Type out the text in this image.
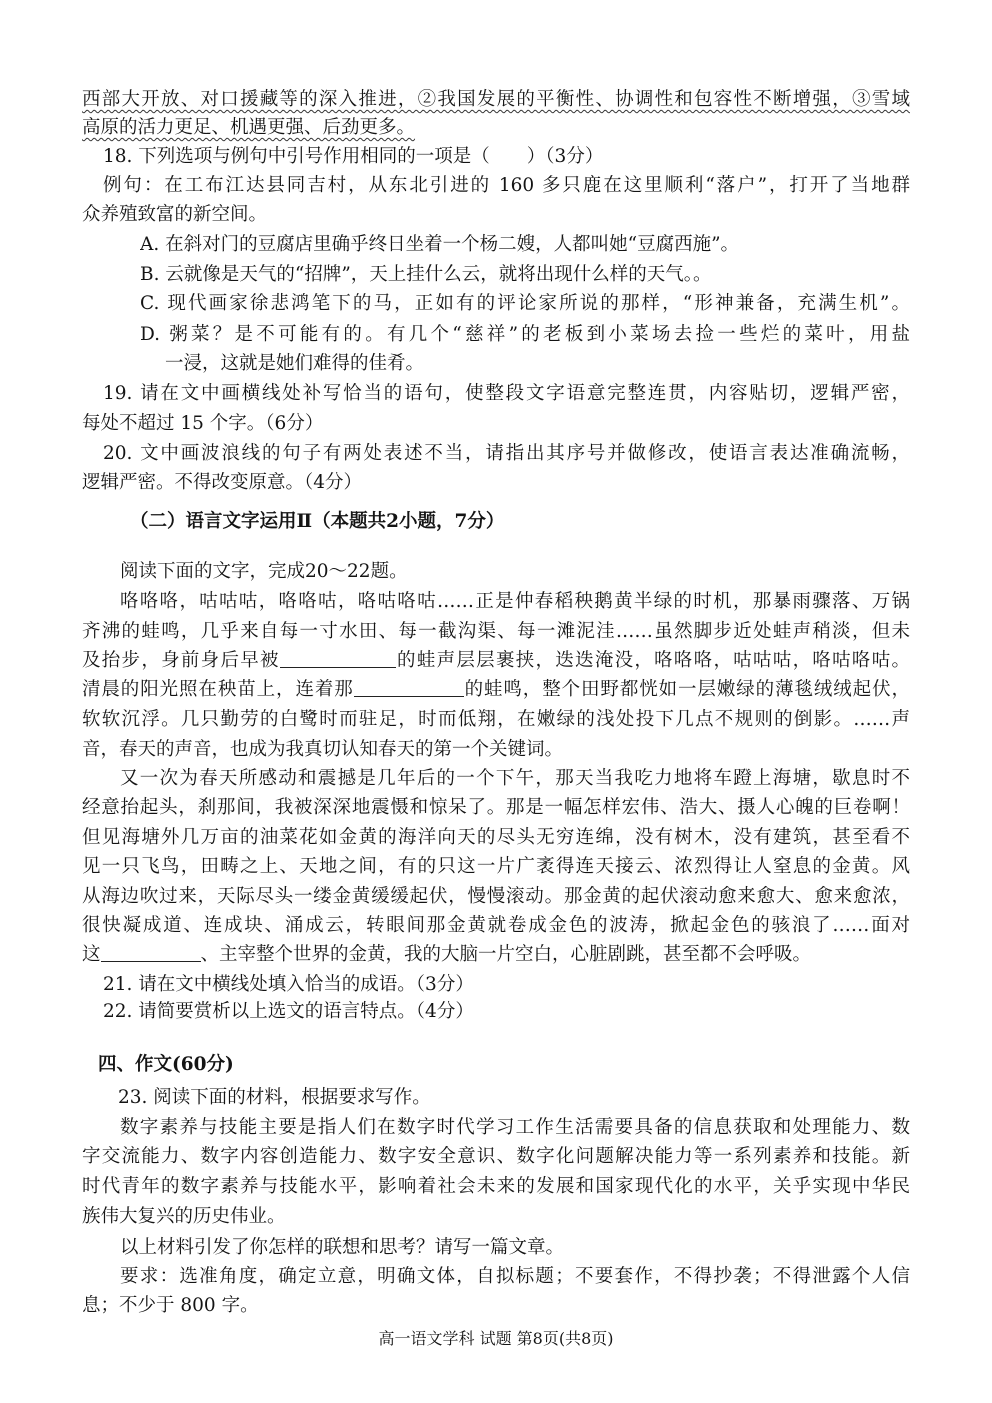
西部大开放、对口援藏等的深入推进，②我国发展的平衡性、协调性和包容性不断增强，③雪域
高原的活力更足、机遇更强、后劲更多。
18. 下列选项与例句中引号作用相同的一项是（　　）（3分）
例句：在工布江达县同吉村，从东北引进的 160 多只鹿在这里顺利“落户”，打开了当地群
众养殖致富的新空间。
A. 在斜对门的豆腐店里确乎终日坐着一个杨二嫂，人都叫她“豆腐西施”。
B. 云就像是天气的“招牌”，天上挂什么云，就将出现什么样的天气。。
C. 现代画家徐悲鸿笔下的马，正如有的评论家所说的那样，“形神兼备，充满生机”。
D. 粥菜？是不可能有的。有几个“慈祥”的老板到小菜场去捡一些烂的菜叶，用盐
一浸，这就是她们难得的佳肴。
19. 请在文中画横线处补写恰当的语句，使整段文字语意完整连贯，内容贴切，逻辑严密，
每处不超过 15 个字。（6分）
20. 文中画波浪线的句子有两处表述不当，请指出其序号并做修改，使语言表达准确流畅，
逻辑严密。不得改变原意。（4分）
（二）语言文字运用Ⅱ（本题共2小题，7分）
阅读下面的文字，完成20～22题。
咯咯咯，咕咕咕，咯咯咕，咯咕咯咕……正是仲春稻秧鹅黄半绿的时机，那暴雨骤落、万锅
齐沸的蛙鸣，几乎来自每一寸水田、每一截沟渠、每一滩泥洼……虽然脚步近处蛙声稍淡，但未
及抬步，身前身后早被	的蛙声层层裹挟，迭迭淹没，咯咯咯，咕咕咕，咯咕咯咕。
清晨的阳光照在秧苗上，连着那	的蛙鸣，整个田野都恍如一层嫩绿的薄毯绒绒起伏，
软软沉浮。几只勤劳的白鹭时而驻足，时而低翔，在嫩绿的浅处投下几点不规则的倒影。……声
音，春天的声音，也成为我真切认知春天的第一个关键词。
又一次为春天所感动和震撼是几年后的一个下午，那天当我吃力地将车蹬上海塘，歇息时不
经意抬起头，刹那间，我被深深地震慑和惊呆了。那是一幅怎样宏伟、浩大、摄人心魄的巨卷啊！
但见海塘外几万亩的油菜花如金黄的海洋向天的尽头无穷连绵，没有树木，没有建筑，甚至看不
见一只飞鸟，田畴之上、天地之间，有的只这一片广袤得连天接云、浓烈得让人窒息的金黄。风
从海边吹过来，天际尽头一缕金黄缓缓起伏，慢慢滚动。那金黄的起伏滚动愈来愈大、愈来愈浓，
很快凝成道、连成块、涌成云，转眼间那金黄就卷成金色的波涛，掀起金色的骇浪了……面对
这	、主宰整个世界的金黄，我的大脑一片空白，心脏剧跳，甚至都不会呼吸。
21. 请在文中横线处填入恰当的成语。（3分）
22. 请简要赏析以上选文的语言特点。（4分）
四、作文(60分)
23. 阅读下面的材料，根据要求写作。
数字素养与技能主要是指人们在数字时代学习工作生活需要具备的信息获取和处理能力、数
字交流能力、数字内容创造能力、数字安全意识、数字化问题解决能力等一系列素养和技能。新
时代青年的数字素养与技能水平，影响着社会未来的发展和国家现代化的水平，关乎实现中华民
族伟大复兴的历史伟业。
以上材料引发了你怎样的联想和思考？请写一篇文章。
要求：选准角度，确定立意，明确文体，自拟标题；不要套作，不得抄袭；不得泄露个人信
息；不少于 800 字。
高一语文学科 试题 第8页(共8页)
